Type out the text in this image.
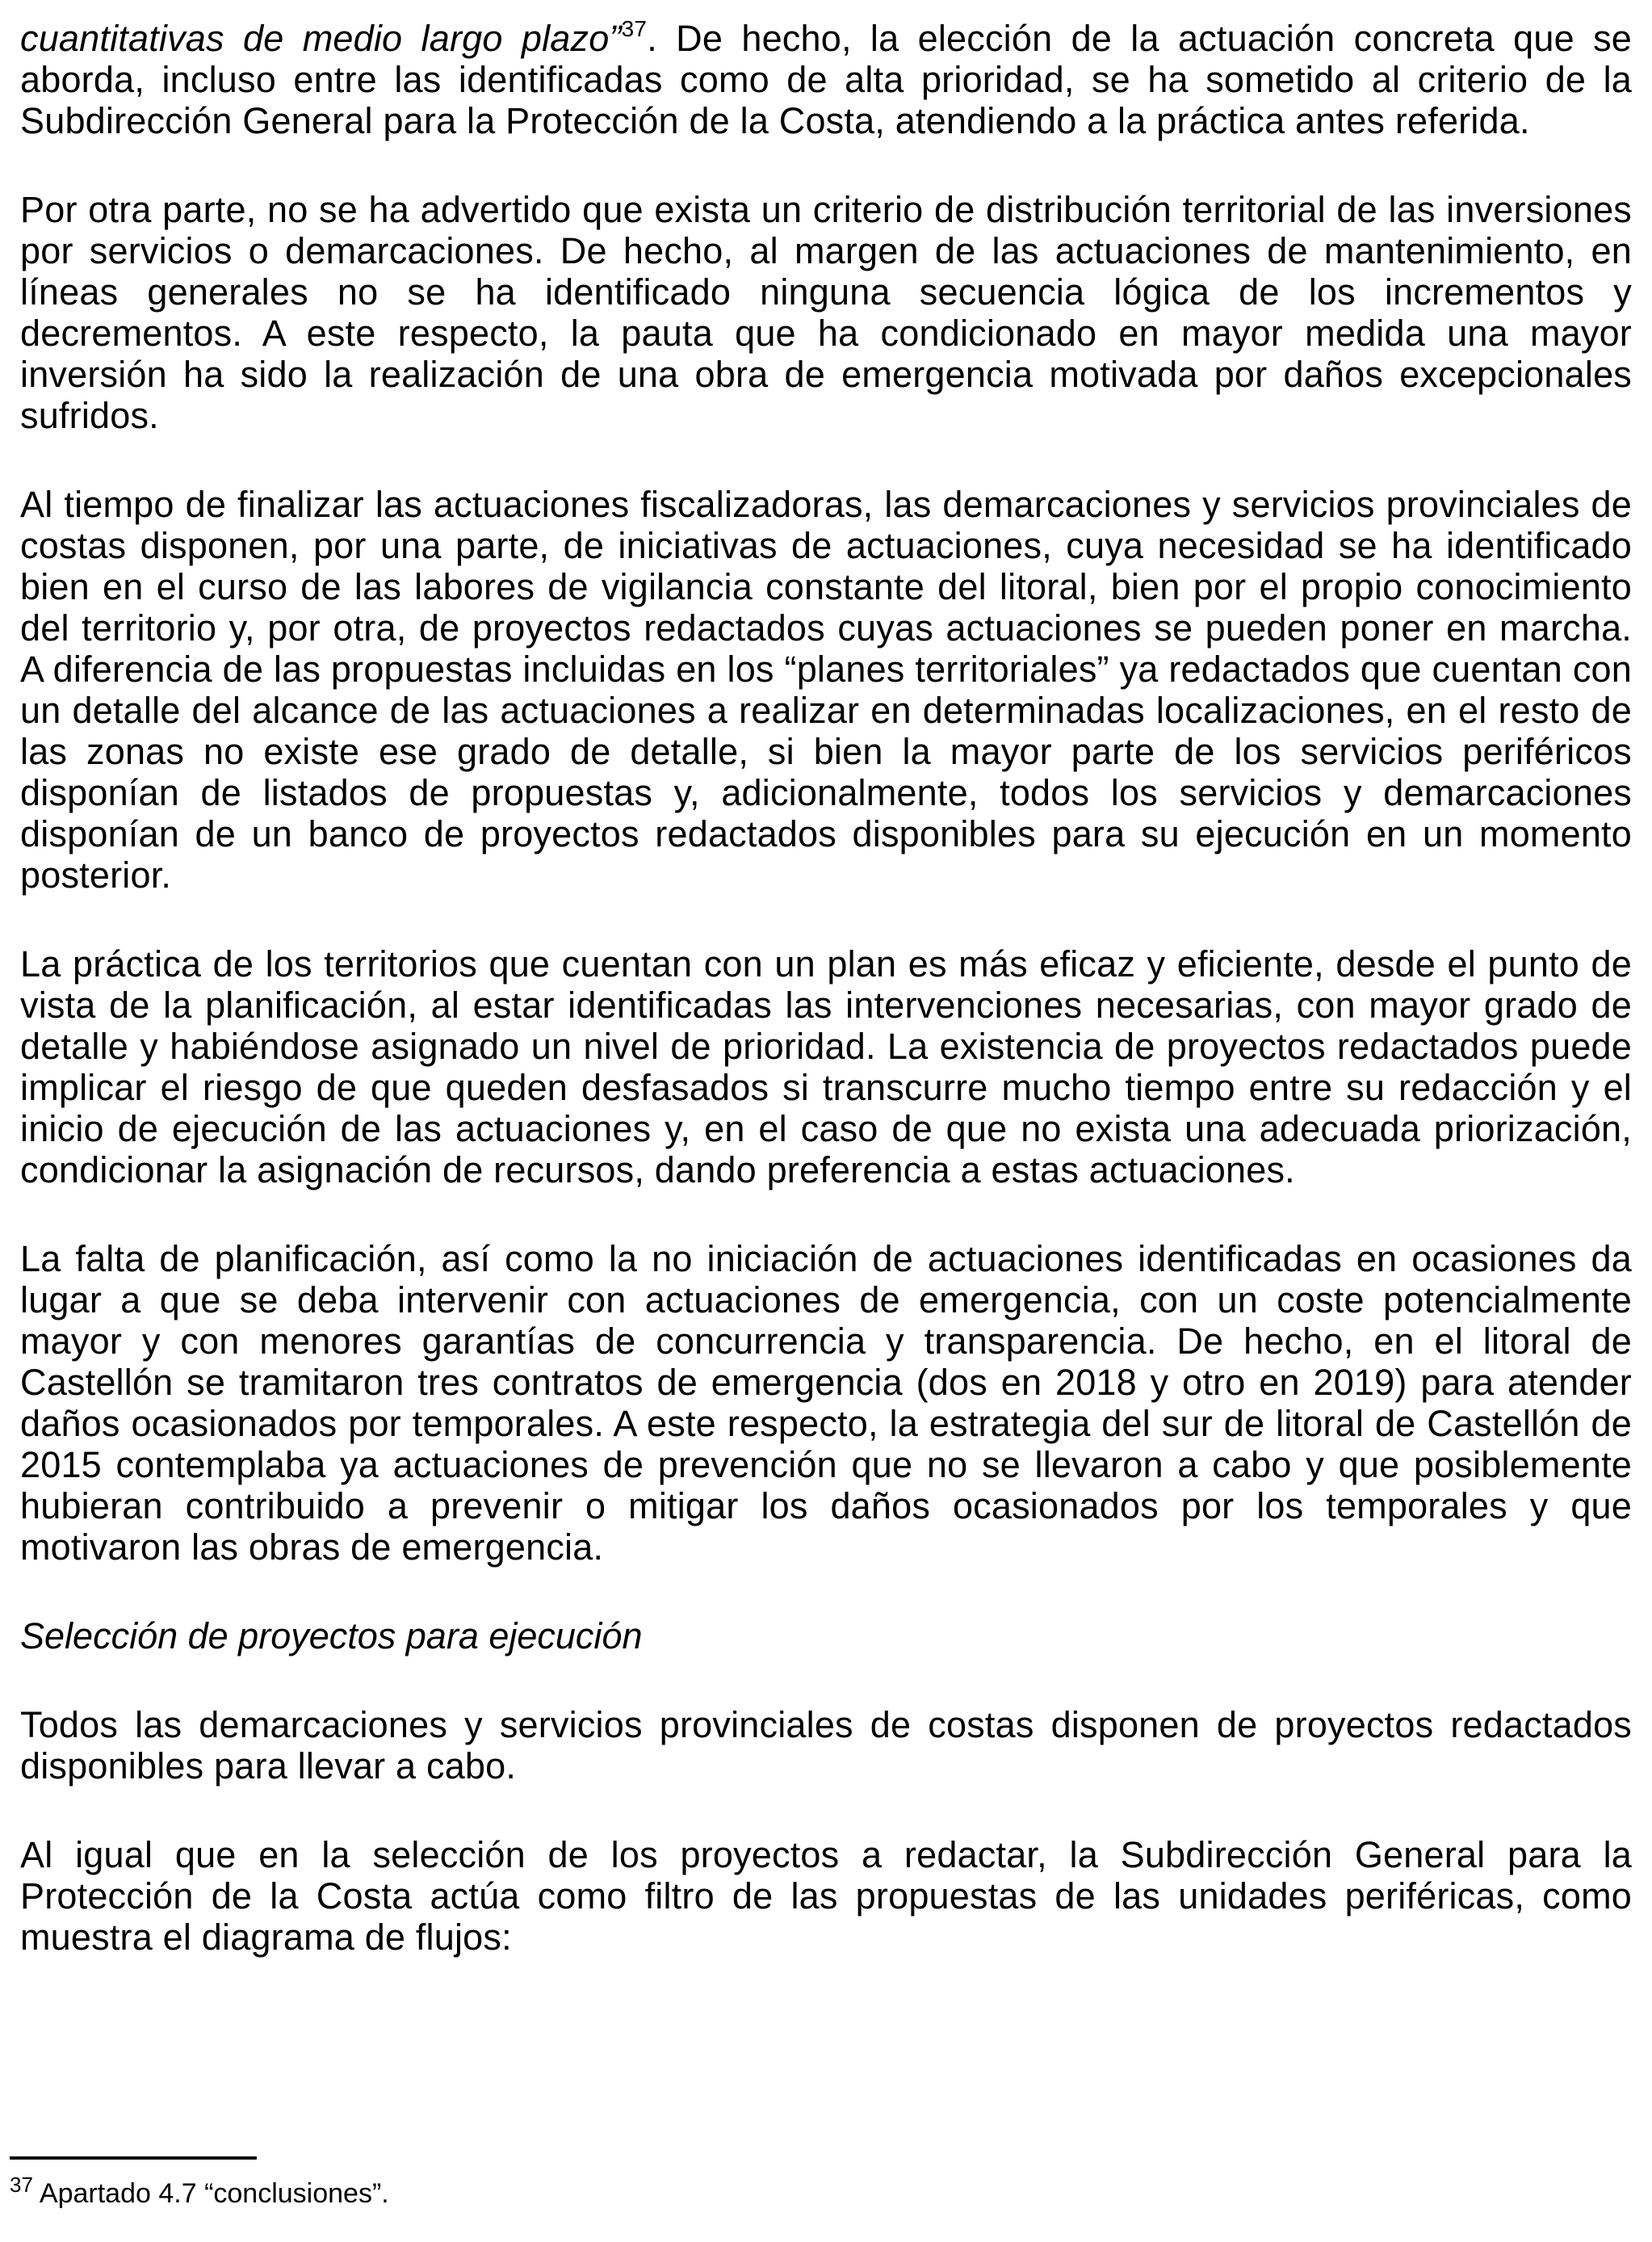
cuantitativas de medio largo plazo”$^{37}$. De hecho, la elección de la actuación concreta que se aborda, incluso entre las identificadas como de alta prioridad, se ha sometido al criterio de la Subdirección General para la Protección de la Costa, atendiendo a la práctica antes referida.

Por otra parte, no se ha advertido que exista un criterio de distribución territorial de las inversiones por servicios o demarcaciones. De hecho, al margen de las actuaciones de mantenimiento, en líneas generales no se ha identificado ninguna secuencia lógica de los incrementos y decrementos. A este respecto, la pauta que ha condicionado en mayor medida una mayor inversión ha sido la realización de una obra de emergencia motivada por daños excepcionales sufridos.

Al tiempo de finalizar las actuaciones fiscalizadoras, las demarcaciones y servicios provinciales de costas disponen, por una parte, de iniciativas de actuaciones, cuya necesidad se ha identificado bien en el curso de las labores de vigilancia constante del litoral, bien por el propio conocimiento del territorio y, por otra, de proyectos redactados cuyas actuaciones se pueden poner en marcha. A diferencia de las propuestas incluidas en los “planes territoriales” ya redactados que cuentan con un detalle del alcance de las actuaciones a realizar en determinadas localizaciones, en el resto de las zonas no existe ese grado de detalle, si bien la mayor parte de los servicios periféricos disponían de listados de propuestas y, adicionalmente, todos los servicios y demarcaciones disponían de un banco de proyectos redactados disponibles para su ejecución en un momento posterior.

La práctica de los territorios que cuentan con un plan es más eficaz y eficiente, desde el punto de vista de la planificación, al estar identificadas las intervenciones necesarias, con mayor grado de detalle y habiéndose asignado un nivel de prioridad. La existencia de proyectos redactados puede implicar el riesgo de que queden desfasados si transcurre mucho tiempo entre su redacción y el inicio de ejecución de las actuaciones y, en el caso de que no exista una adecuada priorización, condicionar la asignación de recursos, dando preferencia a estas actuaciones.

La falta de planificación, así como la no iniciación de actuaciones identificadas en ocasiones da lugar a que se deba intervenir con actuaciones de emergencia, con un coste potencialmente mayor y con menores garantías de concurrencia y transparencia. De hecho, en el litoral de Castellón se tramitaron tres contratos de emergencia (dos en 2018 y otro en 2019) para atender daños ocasionados por temporales. A este respecto, la estrategia del sur de litoral de Castellón de 2015 contemplaba ya actuaciones de prevención que no se llevaron a cabo y que posiblemente hubieran contribuido a prevenir o mitigar los daños ocasionados por los temporales y que motivaron las obras de emergencia.

Selección de proyectos para ejecución

Todos las demarcaciones y servicios provinciales de costas disponen de proyectos redactados disponibles para llevar a cabo.

Al igual que en la selección de los proyectos a redactar, la Subdirección General para la Protección de la Costa actúa como filtro de las propuestas de las unidades periféricas, como muestra el diagrama de flujos:

$^{37}$ Apartado 4.7 “conclusiones”.
